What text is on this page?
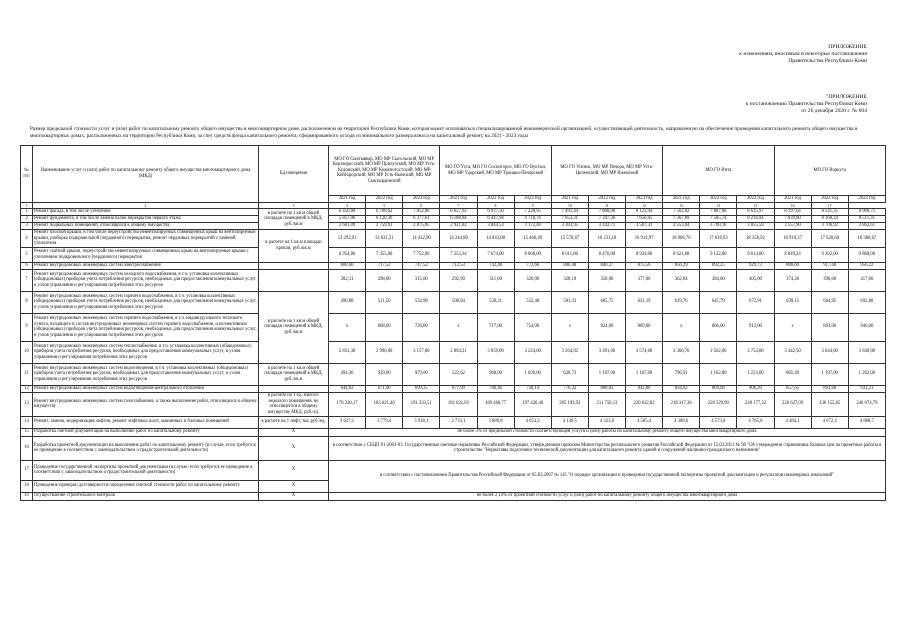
ПРИЛОЖЕНИЕ
к изменениям, вносимым в некоторые постановления
Правительства Республики Коми
"ПРИЛОЖЕНИЕ
к постановлению Правительства Республики Коми
от 26 декабря 2020 г. № 664
Размер предельной стоимости услуг и (или) работ по капитальному ремонту общего имущества в многоквартирном доме, расположенном на территории Республики Коми, которая может оплачиваться специализированной некоммерческой организацией, осуществляющей деятельность, направленную на обеспечение проведения капитального ремонта общего имущества в многоквартирных домах, расположенных на территории Республики Коми, за счет средств фонда капитального ремонта, сформированного исходя из минимального размера взноса на капитальный ремонт, на 2021 - 2023 годы
№ п/п	Наименование услуг и (или) работ по капитальному ремонту общего имущества многоквартирного дома (МКД)	Ед.измерения	МО ГО Сыктывкар, МО МР Сысольский, МО МР Корткеросский, МО МР Прилузский, МО МР Усть-Куломский, МО МР Княжпогостский, МО МР Койгородский, МО МР Усть-Вымский, МО МР Сыктывдинский			МО ГО Ухта, МО ГО Сосногорск, МО ГО Вуктыл, МО МР Удорский, МО МР Троицко-Печорский			МО ГО Усинск, МО МР Печора, МО МР Усть-Цилемский, МО МР Ижемский			МО ГО Инта			МО ГО Воркута		
			2021 год	2022 год	2023 год	2021 год	2022 год	2023 год	2021 год	2022 год	2023 год	2021 год	2022 год	2023 год	2021 год	2022 год	2023 год
1	2	3	4	5	6	7	8	9	10	11	12	13	14	15	16	17	
1	Ремонт фасада, в том числе утепление	в расчете на 1 кв.м общей площади помещений в МКД, руб./кв.м	6 450,80	6 708,62	7 052,90	6 657,92	6 937,50	7 228,95	7 491,44	7 808,08	8 123,94	7 562,82	7 887,88	8 635,97	8 197,64	8 541,35	8 900,71
2	Ремонт фундамента, в том числе замена балок перекрытия первого этажа		5 857,06	6 120,36	6 377,61	6 188,04	6 447,94	6 718,76	7 053,21	7 347,36	7 656,95	7 367,89	7 585,74	8 216,94	7 839,80	8 168,24	8 511,31
3	Ремонт подвальных помещений, относящихся к общему имуществу		2 681,09	2 759,93	2 875,85	2 921,82	3 044,53	3 172,40	3 303,95	3 442,71	3 587,31	3 553,04	3 700,18	3 855,59	3 557,90	3 706,92	3 862,61
4	Ремонт плоской крыши, в том числе переустройство невентилируемых совмещенных крыш на вентилируемые крыши, разборка подкровельной (чердачного) перекрытия, ремонт чердачных перекрытий с заменой утеплителя	в расчете на 1 кв.м площади кровли, руб./кв.м	13 292,91	13 831,21	14 432,90	14 244,80	14 843,08	15 466,49	15 578,87	16 233,18	16 914,97	16 908,76	17 618,93	18 358,92	16 910,37	17 620,60	18 360,67
5	Ремонт скатной крыши, переустройство невентилируемых совмещенных крыш на вентилируемые крыши с утеплением подкровельного (чердачного) перекрытия		6 954,86	7 355,00	7 752,00	7 253,34	7 674,00	8 068,00	8 011,80	8 476,00	8 934,00	8 621,68	9 122,00	9 614,00	8 849,24	9 362,00	9 868,00
6	Ремонт внутридомовых инженерных систем электроснабжения		688,60	717,52	747,52	712,53	742,48	773,66	806,48	840,37	875,56	856,29	892,25	929,73	880,69	917,68	956,22
7	Ремонт внутридомовых инженерных систем холодного водоснабжения, в т.ч. установка коллективных (общедомовых) приборов учета потребления ресурсов, необходимых для предоставления коммунальных услуг, и узлов управления и регулирования потребления этих ресурсов		282,11	298,00	315,00	292,90	311,00	326,00	328,19	358,00	377,00	362,84	384,00	405,00	374,26	396,00	417,00
8	Ремонт внутридомовых инженерных систем горячего водоснабжения, в т.ч. установка коллективных (общедомовых) приборов учета потребления ресурсов, необходимых для предоставления коммунальных услуг, и узлов управления и регулирования потребления этих ресурсов	в расчете на 1 кв.м общей площади помещений в МКД, руб./кв.м	490,88	511,50	532,98	508,84	530,21	552,48	581,33	605,75	631,19	619,76	645,79	672,91	639,15	664,95	692,88
9	Ремонт внутридомовых инженерных систем горячего водоснабжения, в т.ч. индивидуального теплового пункта, входящего в состав внутридомовых инженерных систем горячего водоснабжения, и коллективных (общедомовых) приборов учета потребления ресурсов, необходимых для предоставления коммунальных услуг, и узлов управления и регулирования потребления этих ресурсов		x	688,00	726,00	x	717,00	754,00	x	824,00	869,00	x	866,00	913,00	x	893,00	940,00
10	Ремонт внутридомовых инженерных систем теплоснабжения, в т.ч. установка коллективных (общедомовых) приборов учета потребления ресурсов, необходимых для предоставления коммунальных услуг, и узлов управления и регулирования потребления этих ресурсов		2 831,38	2 996,00	3 157,00	2 894,21	3 059,00	3 224,00	3 204,82	3 391,00	3 574,00	3 366,76	3 562,00	3 754,00	3 442,50	3 644,00	3 840,00
11	Ремонт внутридомовых инженерных систем водоотведения, в т.ч. установка коллективных (общедомовых) приборов учета потребления ресурсов, необходимых для предоставления коммунальных услуг, и узлов управления и регулирования потребления этих ресурсов	в расчете на 1 кв.м общей площади помещений в МКД, руб./кв.м	494,36	929,00	979,00	522,62	968,00	1 020,00	628,73	1 107,00	1 167,00	796,91	1 162,00	1 223,00	865,49	1 197,00	1 262,00
12	Ремонт внутридомовых инженерных систем водоотведения-центрального отопления		644,02	671,06	699,25	677,99	706,46	736,14	776,32	808,83	842,80	834,62	869,68	906,20	857,65	893,68	931,21
13	Ремонт внутридомовых инженерных систем газоснабжения, а также выполнение работ, относящихся к общему имуществу	в расчете на 1 ед. жилого/нежилого помещения, не относящегося к общему имуществу МКД, руб./ед.	176 320,17	183 621,40	191 333,51	181 831,83	189 468,77	197 426,46	205 193,92	211 750,13	220 622,82	218 317,36	228 529,90	238 177,32	226 627,09	236 155,85	246 074,79
14	Ремонт, замена, модернизация лифтов, ремонт лифтовых шахт, машинных и блочных помещений	в расчете на 1 лифт, тыс.руб./ед.	3 627,1	3 779,4	3 938,1	3 733,1	3 889,8	4 053,2	4 149,5	4 323,8	4 505,4	4 388,6	4 573,0	4 765,0	4 484,1	4 672,4	4 868,7
15	Разработка сметной документации на выполнение работ по капитальному ремонту	X	не более 3% от предельной стоимости соответствующей услуги и (или) работы по капитальному ремонту общего имущества многоквартирного дома														
16	Разработка проектной документации на выполнение работ по капитальному ремонту (в случае, если требуется ее проведение в соответствии с законодательством о градостроительной деятельности)	X	в соответствии с СБЦП 81-2001-03. Государственные сметные нормативы Российской Федерации, утвержденным приказом Министерства регионального развития Российской Федерации от 12.03.2013 № 90 "Об утверждении справочника базовых цен на проектные работы в строительстве "Нормативы подготовки технической документации для капитального ремонта зданий и сооружений жилищно-гражданского назначения"														
17	Проведение государственной экспертизы проектной документации (в случае, если требуется ее проведение в соответствии с законодательством о градостроительной деятельности)	X	в соответствии с постановлением Правительства Российской Федерации от 05.03.2007 № 145 "О порядке организации и проведения государственной экспертизы проектной документации и результатов инженерных изысканий"														
18	Проведение проверки достоверности определения сметной стоимости работ по капитальному ремонту	X															
19	Осуществление строительного контроля	X	не более 2,14% от проектной стоимости услуг и (или) работ по капитальному ремонту общего имущества многоквартирного дома														
